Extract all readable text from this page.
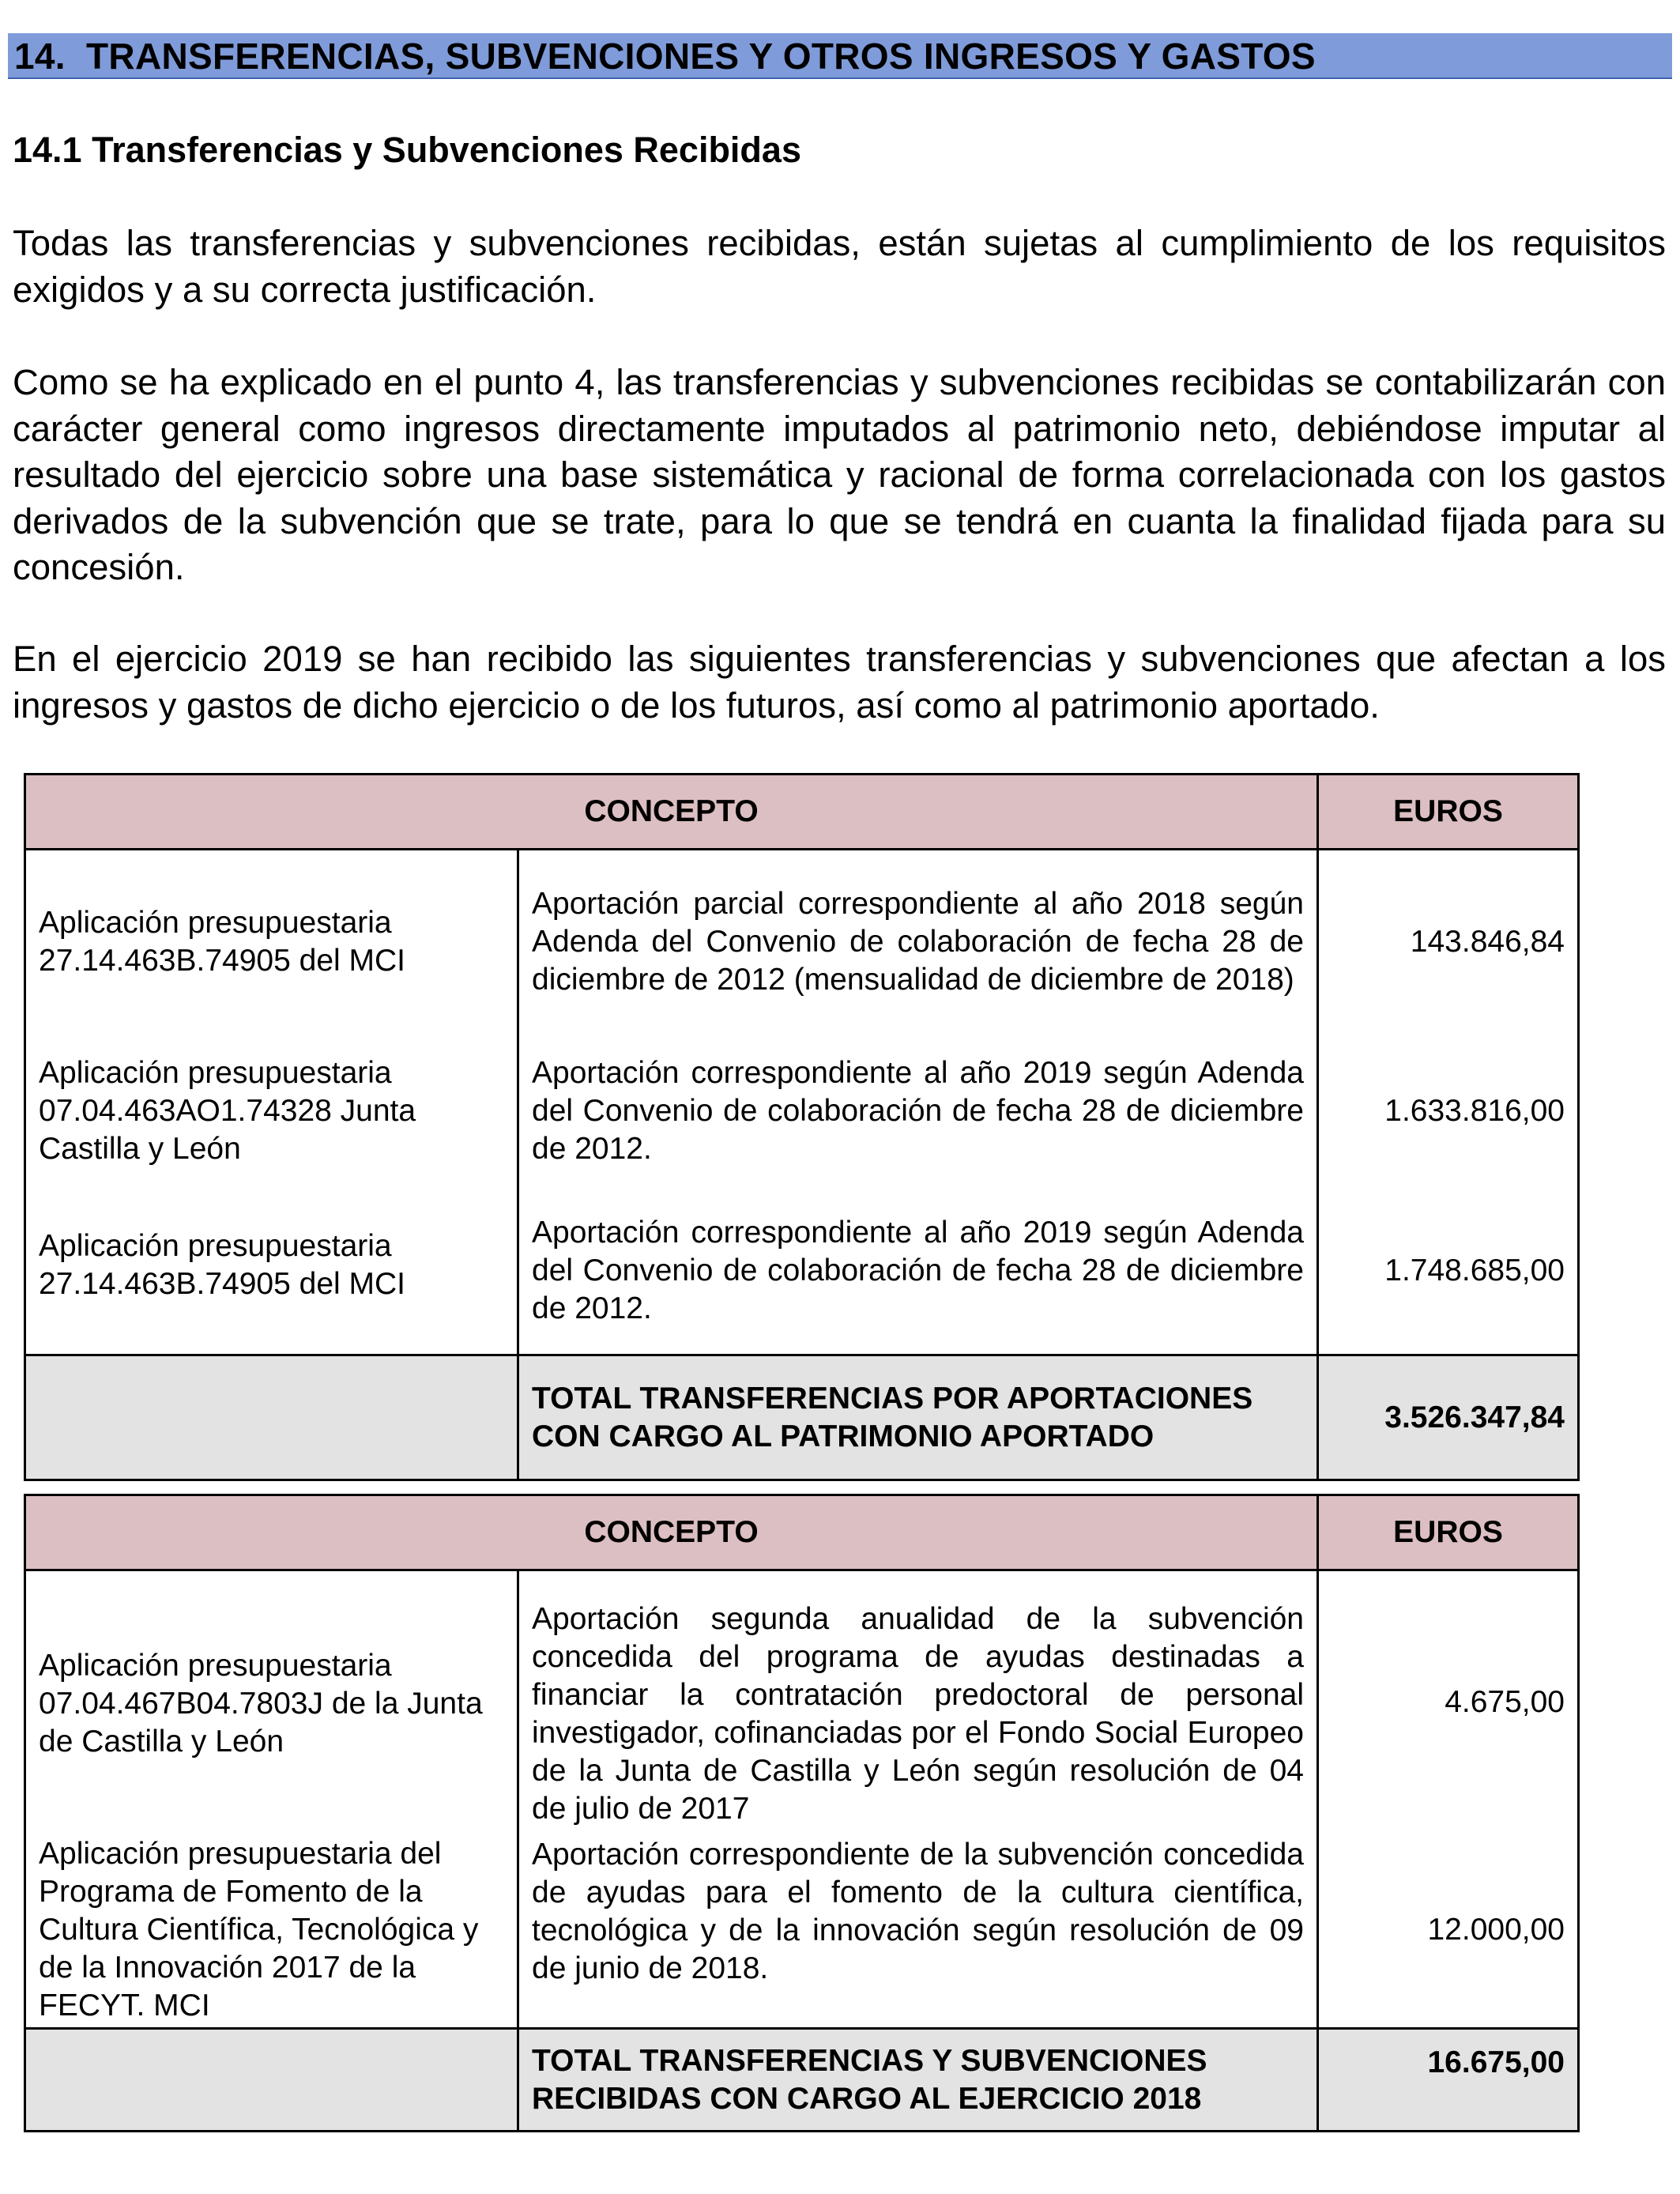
14. TRANSFERENCIAS, SUBVENCIONES Y OTROS INGRESOS Y GASTOS
14.1 Transferencias y Subvenciones Recibidas
Todas las transferencias y subvenciones recibidas, están sujetas al cumplimiento de los requisitos exigidos y a su correcta justificación.
Como se ha explicado en el punto 4, las transferencias y subvenciones recibidas se contabilizarán con carácter general como ingresos directamente imputados al patrimonio neto, debiéndose imputar al resultado del ejercicio sobre una base sistemática y racional de forma correlacionada con los gastos derivados de la subvención que se trate, para lo que se tendrá en cuanta la finalidad fijada para su concesión.
En el ejercicio 2019 se han recibido las siguientes transferencias y subvenciones que afectan a los ingresos y gastos de dicho ejercicio o de los futuros, así como al patrimonio aportado.
CONCEPTO		EUROS
Aplicación presupuestaria 27.14.463B.74905 del MCI	Aportación parcial correspondiente al año 2018 según Adenda del Convenio de colaboración de fecha 28 de diciembre de 2012 (mensualidad de diciembre de 2018)	143.846,84
Aplicación presupuestaria 07.04.463AO1.74328 Junta Castilla y León	Aportación correspondiente al año 2019 según Adenda del Convenio de colaboración de fecha 28 de diciembre de 2012.	1.633.816,00
Aplicación presupuestaria 27.14.463B.74905 del MCI	Aportación correspondiente al año 2019 según Adenda del Convenio de colaboración de fecha 28 de diciembre de 2012.	1.748.685,00
	TOTAL TRANSFERENCIAS POR APORTACIONES CON CARGO AL PATRIMONIO APORTADO	3.526.347,84
CONCEPTO		EUROS
Aplicación presupuestaria 07.04.467B04.7803J de la Junta de Castilla y León	Aportación segunda anualidad de la subvención concedida del programa de ayudas destinadas a financiar la contratación predoctoral de personal investigador, cofinanciadas por el Fondo Social Europeo de la Junta de Castilla y León según resolución de 04 de julio de 2017	4.675,00
Aplicación presupuestaria del Programa de Fomento de la Cultura Científica, Tecnológica y de la Innovación 2017 de la FECYT. MCI	Aportación correspondiente de la subvención concedida de ayudas para el fomento de la cultura científica, tecnológica y de la innovación según resolución de 09 de junio de 2018.	12.000,00
	TOTAL TRANSFERENCIAS Y SUBVENCIONES RECIBIDAS CON CARGO AL EJERCICIO 2018	16.675,00
